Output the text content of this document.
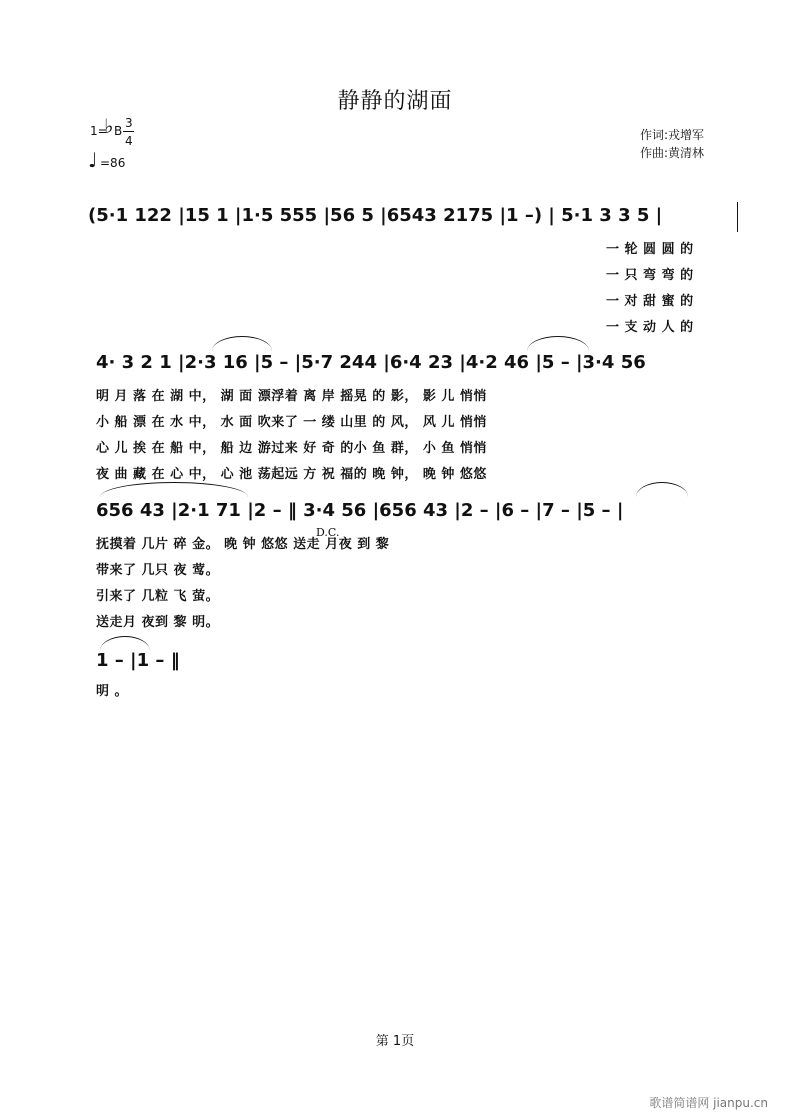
静静的湖面
1=
♭ B
3
4
♩ =86
作词:戎增军
作曲:黄清林
(5·1 122 |15 1 |1·5 555 |56 5 |6543 2175 |1 –) | 5·1 3 3 5 |
一 轮 圆 圆 的
一 只 弯 弯 的
一 对 甜 蜜 的
一 支 动 人 的
4· 3 2 1 |2·3 16 |5 – |5·7 244 |6·4 23 |4·2 46 |5 – |3·4 56
明 月 落 在 湖 中， 湖 面 漂浮着 离 岸 摇晃 的 影， 影 儿 悄悄
小 船 漂 在 水 中， 水 面 吹来了 一 缕 山里 的 风， 风 儿 悄悄
心 儿 挨 在 船 中， 船 边 游过来 好 奇 的小 鱼 群， 小 鱼 悄悄
夜 曲 藏 在 心 中， 心 池 荡起远 方 祝 福的 晚 钟， 晚 钟 悠悠
656 43 |2·1 71 |2 – ‖ 3·4 56 |656 43 |2 – |6 – |7 – |5 – |
D.C.
抚摸着 几片 碎 金。 晚 钟 悠悠 送走 月夜 到 黎
带来了 几只 夜 莺。
引来了 几粒 飞 萤。
送走月 夜到 黎 明。
1 – |1 – ‖
明 。
第 1页
歌谱简谱网 jianpu.cn
